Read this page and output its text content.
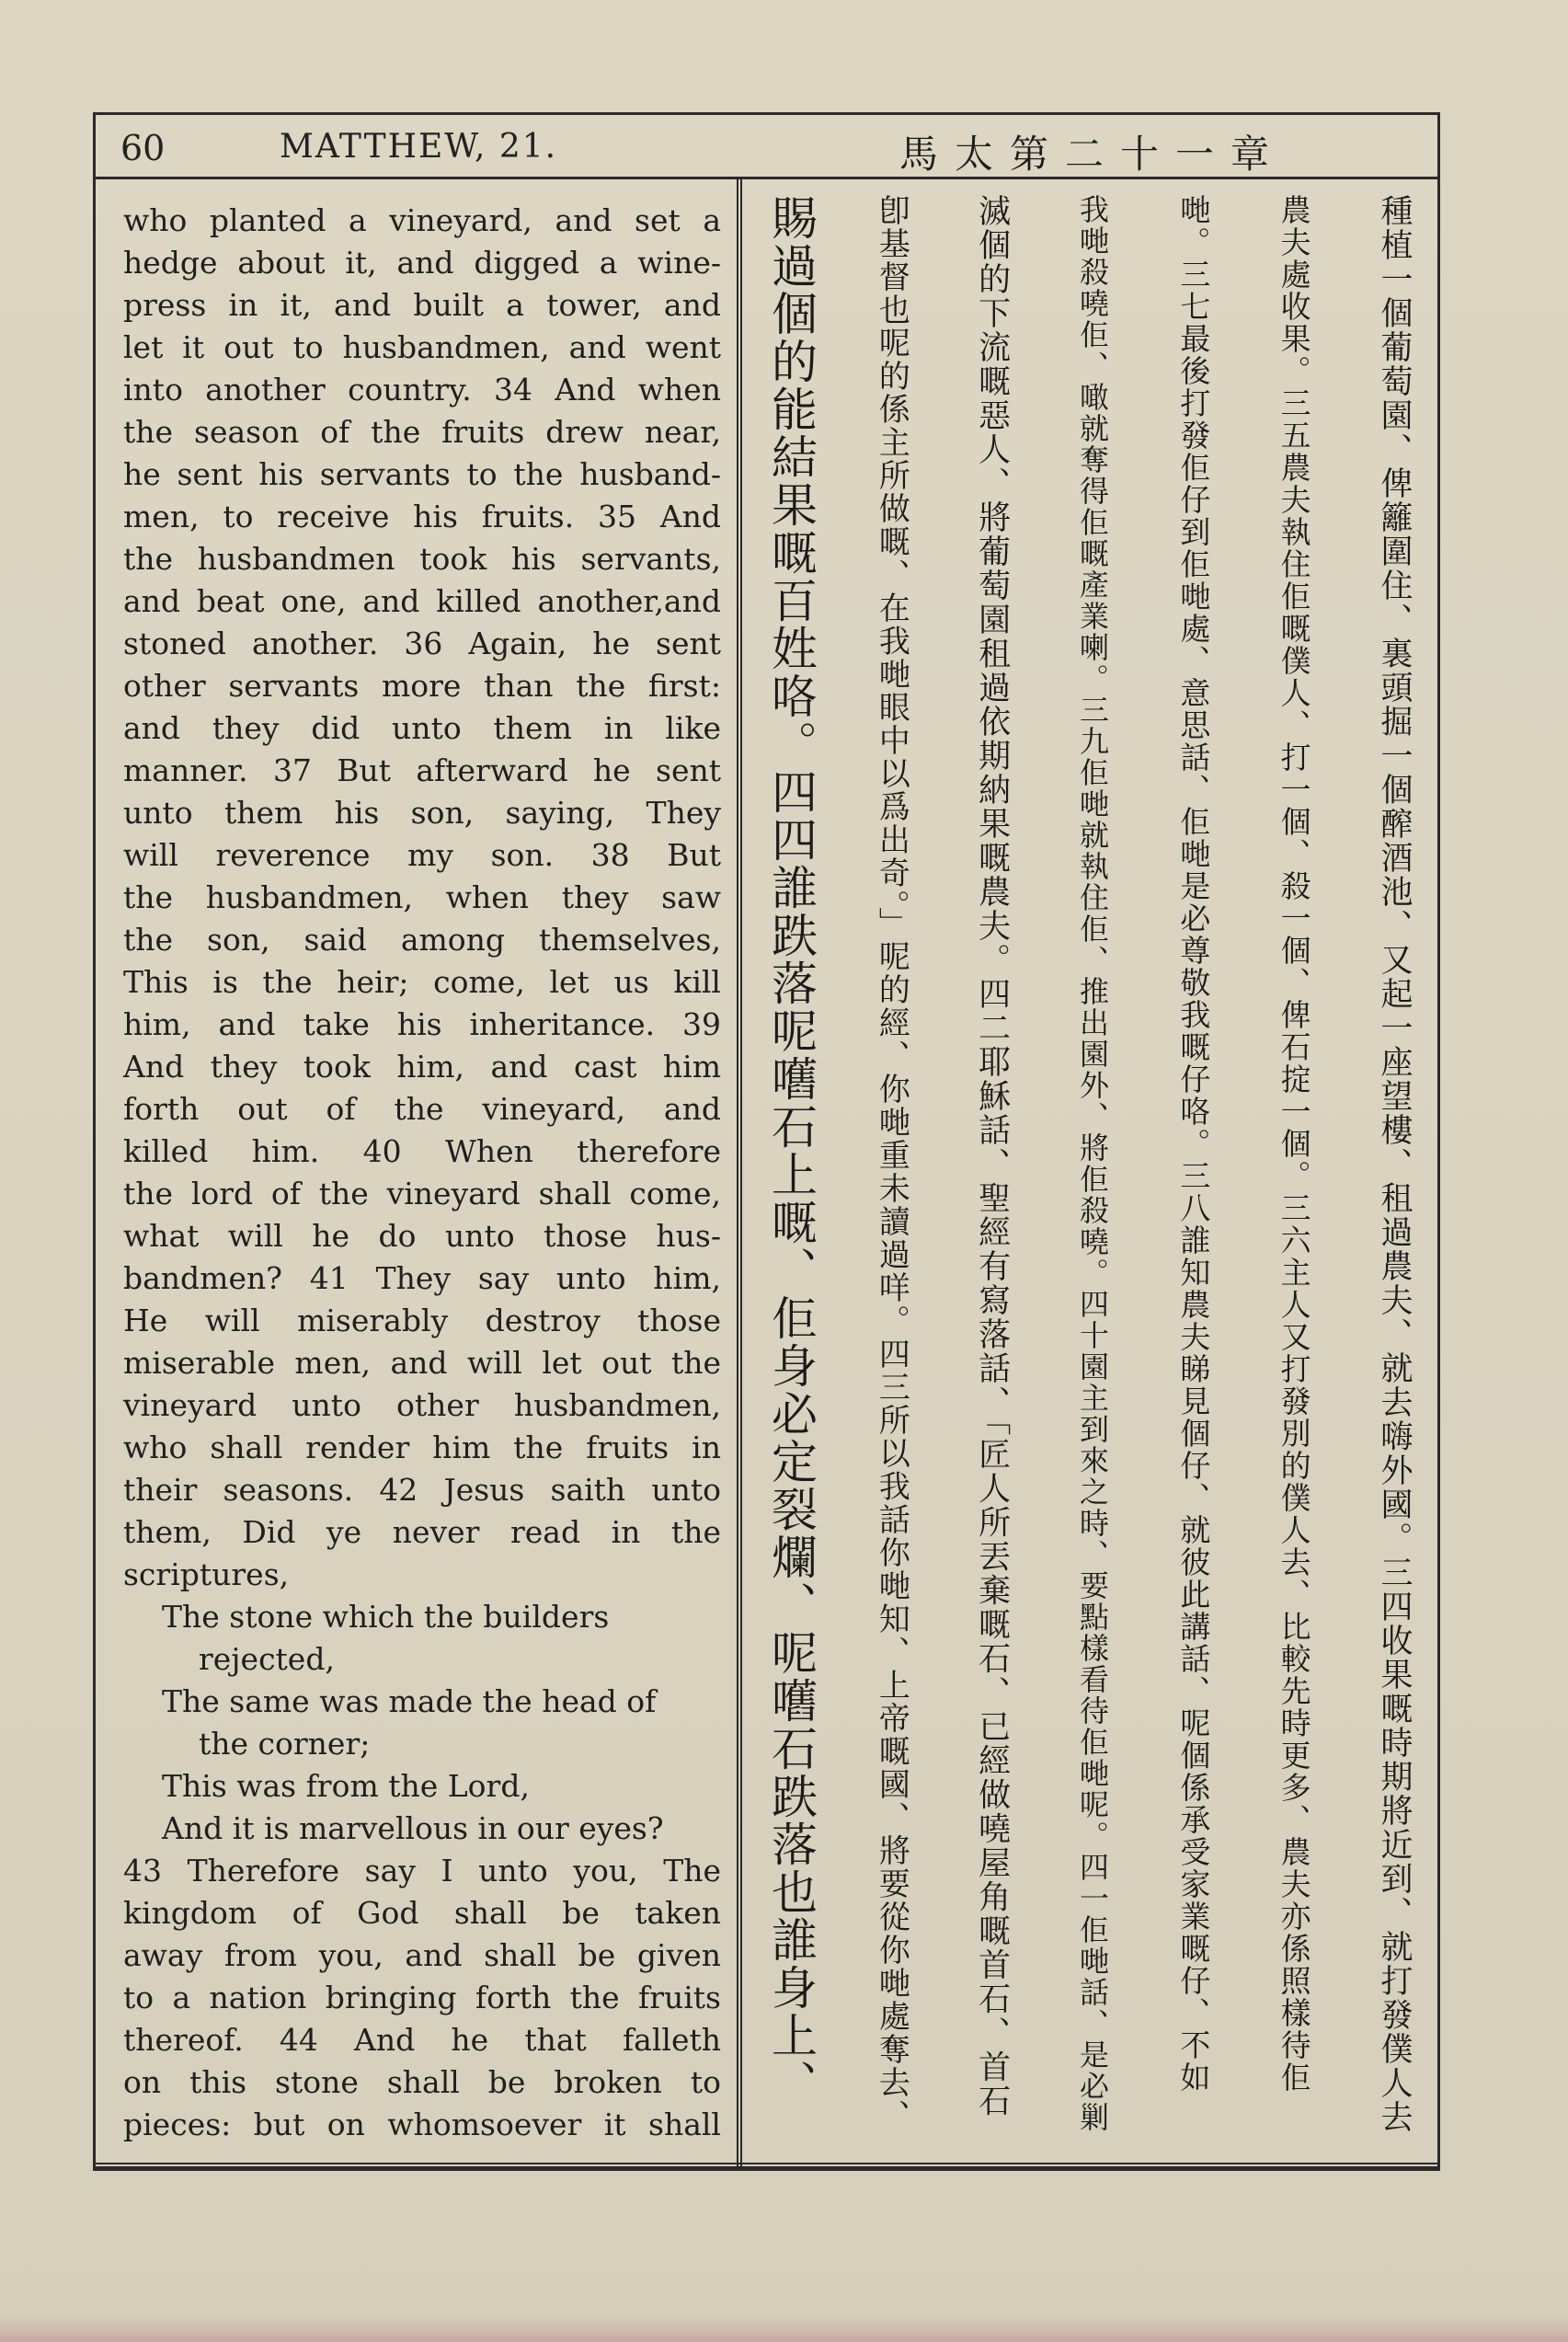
60	MATTHEW, 21.	馬太第二十一章
who planted a vineyard, and set a
hedge about it, and digged a wine-
press in it, and built a tower, and
let it out to husbandmen, and went
into another country. 34 And when
the season of the fruits drew near,
he sent his servants to the husband-
men, to receive his fruits. 35 And
the husbandmen took his servants,
and beat one, and killed another,and
stoned another. 36 Again, he sent
other servants more than the first:
and they did unto them in like
manner. 37 But afterward he sent
unto them his son, saying, They
will reverence my son. 38 But
the husbandmen, when they saw
the son, said among themselves,
This is the heir; come, let us kill
him, and take his inheritance. 39
And they took him, and cast him
forth out of the vineyard, and
killed him. 40 When therefore
the lord of the vineyard shall come,
what will he do unto those hus-
bandmen? 41 They say unto him,
He will miserably destroy those
miserable men, and will let out the
vineyard unto other husbandmen,
who shall render him the fruits in
their seasons. 42 Jesus saith unto
them, Did ye never read in the
scriptures,
The stone which the builders
rejected,
The same was made the head of
the corner;
This was from the Lord,
And it is marvellous in our eyes?
43 Therefore say I unto you, The
kingdom of God shall be taken
away from you, and shall be given
to a nation bringing forth the fruits
thereof. 44 And he that falleth
on this stone shall be broken to
pieces: but on whomsoever it shall	種植一個葡萄園、俾籬圍住、裏頭掘一個醡酒池、又起一座望樓、租過農夫、就去嗨外國。三四收果嘅時期將近到、就打發僕人去
農夫處收果。三五農夫執住佢嘅僕人、打一個、殺一個、俾石掟一個。三六主人又打發別的僕人去、比較先時更多、農夫亦係照樣待佢
哋。三七最後打發佢仔到佢哋處、意思話、佢哋是必尊敬我嘅仔咯。三八誰知農夫睇見個仔、就彼此講話、呢個係承受家業嘅仔、不如
我哋殺嘵佢、噉就奪得佢嘅產業喇。三九佢哋就執住佢、推出園外、將佢殺嘵。四十園主到來之時、要點樣看待佢哋呢。四一佢哋話、是必剿
滅個的下流嘅惡人、將葡萄園租過依期納果嘅農夫。四二耶穌話、聖經有寫落話、「匠人所丟棄嘅石、已經做嘵屋角嘅首石、首石
卽基督也呢的係主所做嘅、在我哋眼中以爲出奇。」呢的經、你哋重未讀過咩。四三所以我話你哋知、上帝嘅國、將要從你哋處奪去、
賜過個的能結果嘅百姓咯。四四誰跌落呢嚿石上嘅、佢身必定裂爛、呢嚿石跌落也誰身上、
